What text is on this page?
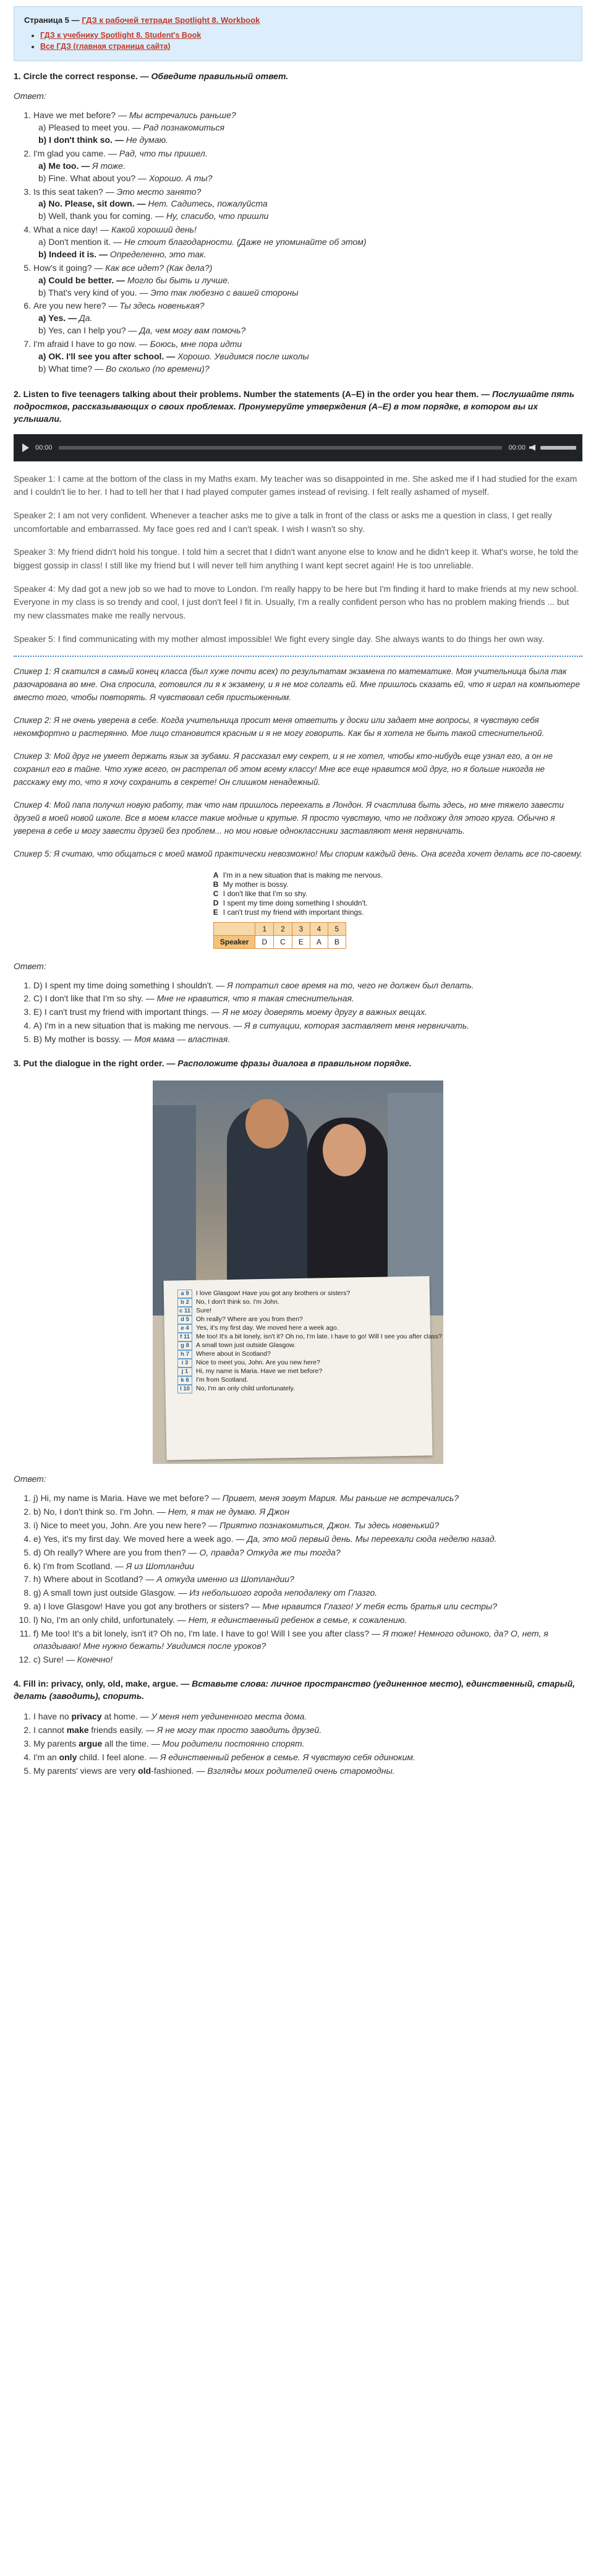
Страница 5 — ГДЗ к рабочей тетради Spotlight 8. Workbook
• ГДЗ к учебнику Spotlight 8. Student's Book
• Все ГДЗ (главная страница сайта)
1. Circle the correct response. — Обведите правильный ответ.
Ответ:
1. Have we met before? — Мы встречались раньше?
a) Pleased to meet you. — Рад познакомиться
b) I don't think so. — Не думаю.
2. I'm glad you came. — Рад, что ты пришел.
a) Me too. — Я тоже.
b) Fine. What about you? — Хорошо. А ты?
3. Is this seat taken? — Это место занято?
a) No. Please, sit down. — Нет. Садитесь, пожалуйста
b) Well, thank you for coming. — Ну, спасибо, что пришли
4. What a nice day! — Какой хороший день!
a) Don't mention it. — Не стоит благодарности. (Даже не упоминайте об этом)
b) Indeed it is. — Определенно, это так.
5. How's it going? — Как все идет? (Как дела?)
a) Could be better. — Могло бы быть и лучше.
b) That's very kind of you. — Это так любезно с вашей стороны
6. Are you new here? — Ты здесь новенькая?
a) Yes. — Да.
b) Yes, can I help you? — Да, чем могу вам помочь?
7. I'm afraid I have to go now. — Боюсь, мне пора идти
a) OK. I'll see you after school. — Хорошо. Увидимся после школы
b) What time? — Во сколько (по времени)?
2. Listen to five teenagers talking about their problems. Number the statements (A–E) in the order you hear them. — Послушайте пять подростков, рассказывающих о своих проблемах. Пронумеруйте утверждения (A–E) в том порядке, в котором вы их услышали.
00:00	00:00

Speaker 1: I came at the bottom of the class in my Maths exam. My teacher was so disappointed in me. She asked me if I had studied for the exam and I couldn't lie to her. I had to tell her that I had played computer games instead of revising. I felt really ashamed of myself.

Speaker 2: I am not very confident. Whenever a teacher asks me to give a talk in front of the class or asks me a question in class, I get really uncomfortable and embarrassed. My face goes red and I can't speak. I wish I wasn't so shy.

Speaker 3: My friend didn't hold his tongue. I told him a secret that I didn't want anyone else to know and he didn't keep it. What's worse, he told the biggest gossip in class! I still like my friend but I will never tell him anything I want kept secret again! He is too unreliable.

Speaker 4: My dad got a new job so we had to move to London. I'm really happy to be here but I'm finding it hard to make friends at my new school. Everyone in my class is so trendy and cool, I just don't feel I fit in. Usually, I'm a really confident person who has no problem making friends ... but my new classmates make me really nervous.

Speaker 5: I find communicating with my mother almost impossible! We fight every single day. She always wants to do things her own way.

Спикер 1: Я скатился в самый конец класса (был хуже почти всех) по результатам экзамена по математике. Моя учительница была так разочарована во мне. Она спросила, готовился ли я к экзамену, и я не мог солгать ей. Мне пришлось сказать ей, что я играл на компьютере вместо того, чтобы повторять. Я чувствовал себя пристыженным.

Спикер 2: Я не очень уверена в себе. Когда учительница просит меня ответить у доски или задает мне вопросы, я чувствую себя некомфортно и растерянно. Мое лицо становится красным и я не могу говорить. Как бы я хотела не быть такой стеснительной.

Спикер 3: Мой друг не умеет держать язык за зубами. Я рассказал ему секрет, и я не хотел, чтобы кто-нибудь еще узнал его, а он не сохранил его в тайне. Что хуже всего, он растрепал об этом всему классу! Мне все еще нравится мой друг, но я больше никогда не расскажу ему то, что я хочу сохранить в секрете! Он слишком ненадежный.

Спикер 4: Мой папа получил новую работу, так что нам пришлось переехать в Лондон. Я счастлива быть здесь, но мне тяжело завести друзей в моей новой школе. Все в моем классе такие модные и крутые. Я просто чувствую, что не подхожу для этого круга. Обычно я уверена в себе и могу завести друзей без проблем... но мои новые одноклассники заставляют меня нервничать.

Спикер 5: Я считаю, что общаться с моей мамой практически невозможно! Мы спорим каждый день. Она всегда хочет делать все по-своему.

A I'm in a new situation that is making me nervous.
B My mother is bossy.
C I don't like that I'm so shy.
D I spent my time doing something I shouldn't.
E I can't trust my friend with important things.
	1	2	3	4	5
Speaker	D	C	E	A	B
Ответ:
1. D) I spent my time doing something I shouldn't. — Я потратил свое время на то, чего не должен был делать.
2. C) I don't like that I'm so shy. — Мне не нравится, что я такая стеснительная.
3. E) I can't trust my friend with important things. — Я не могу доверять моему другу в важных вещах.
4. A) I'm in a new situation that is making me nervous. — Я в ситуации, которая заставляет меня нервничать.
5. B) My mother is bossy. — Моя мама — властная.
3. Put the dialogue in the right order. — Расположите фразы диалога в правильном порядке.
a 9	I love Glasgow! Have you got any brothers or sisters?
b 2	No, I don't think so. I'm John.
c 11 Sure!
d 5	Oh really? Where are you from then?
e 4	Yes, it's my first day. We moved here a week ago.
f 11 Me too! It's a bit lonely, isn't it? Oh no, I'm late. I have to go! Will I see you after class?
g 8	A small town just outside Glasgow.
h 7	Where about in Scotland?
i 3	Nice to meet you, John. Are you new here?
j 1	Hi, my name is Maria. Have we met before?
k 6	I'm from Scotland.
l 10 No, I'm an only child unfortunately.
Ответ:
1. j) Hi, my name is Maria. Have we met before? — Привет, меня зовут Мария. Мы раньше не встречались?
2. b) No, I don't think so. I'm John. — Нет, я так не думаю. Я Джон
3. i) Nice to meet you, John. Are you new here? — Приятно познакомиться, Джон. Ты здесь новенький?
4. e) Yes, it's my first day. We moved here a week ago. — Да, это мой первый день. Мы переехали сюда неделю назад.
5. d) Oh really? Where are you from then? — О, правда? Откуда же ты тогда?
6. k) I'm from Scotland. — Я из Шотландии
7. h) Where about in Scotland? — А откуда именно из Шотландии?
8. g) A small town just outside Glasgow. — Из небольшого города неподалеку от Глазго.
9. a) I love Glasgow! Have you got any brothers or sisters? — Мне нравится Глазго! У тебя есть братья или сестры?
10. l) No, I'm an only child, unfortunately. — Нет, я единственный ребенок в семье, к сожалению.
11. f) Me too! It's a bit lonely, isn't it? Oh no, I'm late. I have to go! Will I see you after class? — Я тоже! Немного одиноко, да? О, нет, я опаздываю! Мне нужно бежать! Увидимся после уроков?
12. c) Sure! — Конечно!
4. Fill in: privacy, only, old, make, argue. — Вставьте слова: личное пространство (уединенное место), единственный, старый, делать (заводить), спорить.
1. I have no privacy at home. — У меня нет уединенного места дома.
2. I cannot make friends easily. — Я не могу так просто заводить друзей.
3. My parents argue all the time. — Мои родители постоянно спорят.
4. I'm an only child. I feel alone. — Я единственный ребенок в семье. Я чувствую себя одиноким.
5. My parents' views are very old-fashioned. — Взгляды моих родителей очень старомодны.
